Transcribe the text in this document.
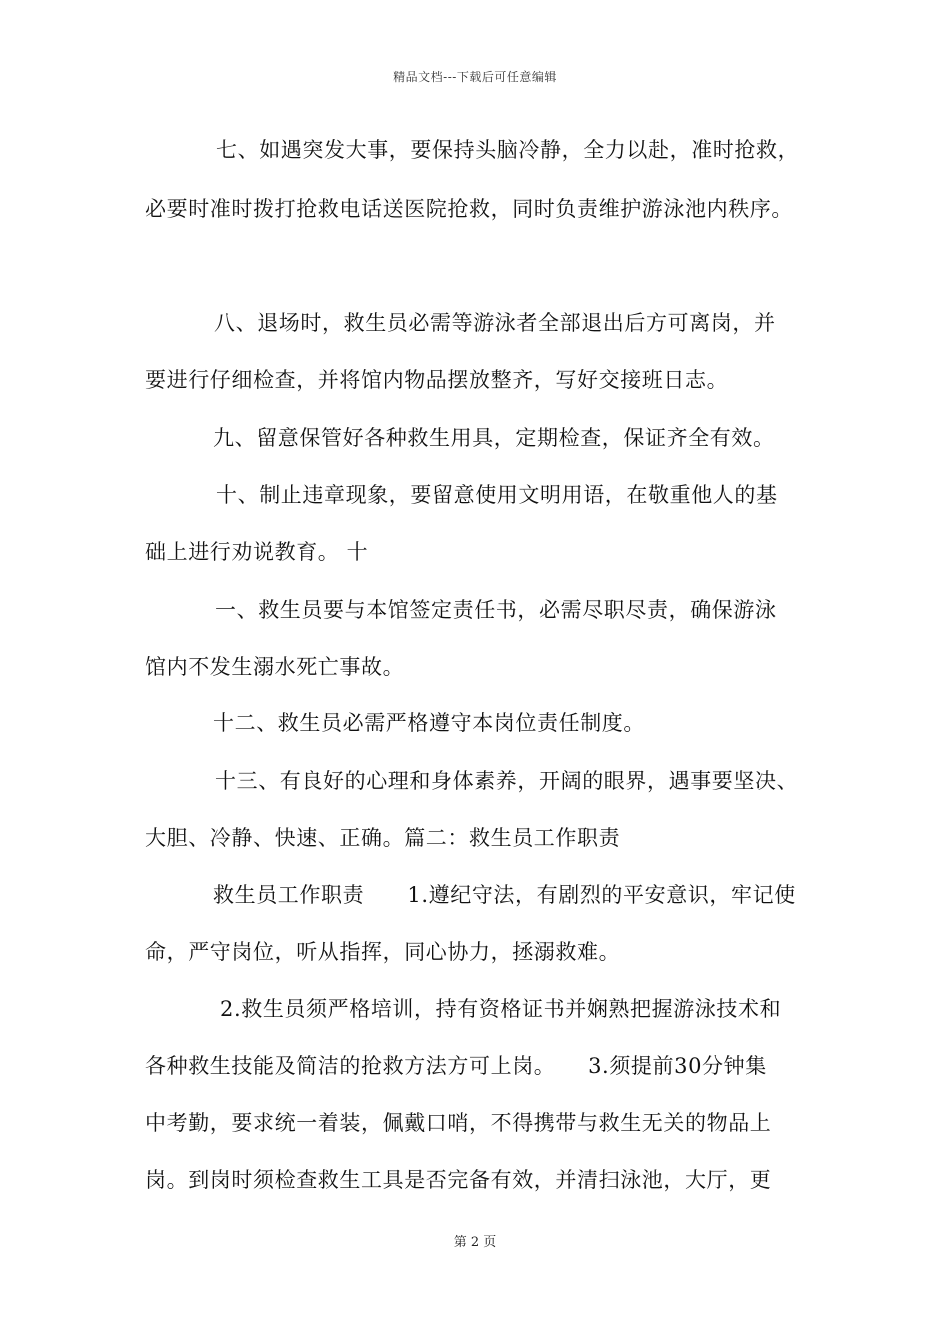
精品文档---下载后可任意编辑
七、如遇突发大事，要保持头脑冷静，全力以赴，准时抢救，
必要时准时拨打抢救电话送医院抢救，同时负责维护游泳池内秩序。
八、退场时，救生员必需等游泳者全部退出后方可离岗，并
要进行仔细检查，并将馆内物品摆放整齐，写好交接班日志。
九、留意保管好各种救生用具，定期检查，保证齐全有效。
十、制止违章现象，要留意使用文明用语，在敬重他人的基
础上进行劝说教育。 十
一、救生员要与本馆签定责任书，必需尽职尽责，确保游泳
馆内不发生溺水死亡事故。
十二、救生员必需严格遵守本岗位责任制度。
十三、有良好的心理和身体素养，开阔的眼界，遇事要坚决、
大胆、冷静、快速、正确。篇二：救生员工作职责
救生员工作职责　　1.遵纪守法，有剧烈的平安意识，牢记使
命，严守岗位，听从指挥，同心协力，拯溺救难。
2.救生员须严格培训，持有资格证书并娴熟把握游泳技术和
各种救生技能及简洁的抢救方法方可上岗。　　3.须提前30分钟集
中考勤，要求统一着装，佩戴口哨，不得携带与救生无关的物品上
岗。到岗时须检查救生工具是否完备有效，并清扫泳池，大厅，更
第 2 页
